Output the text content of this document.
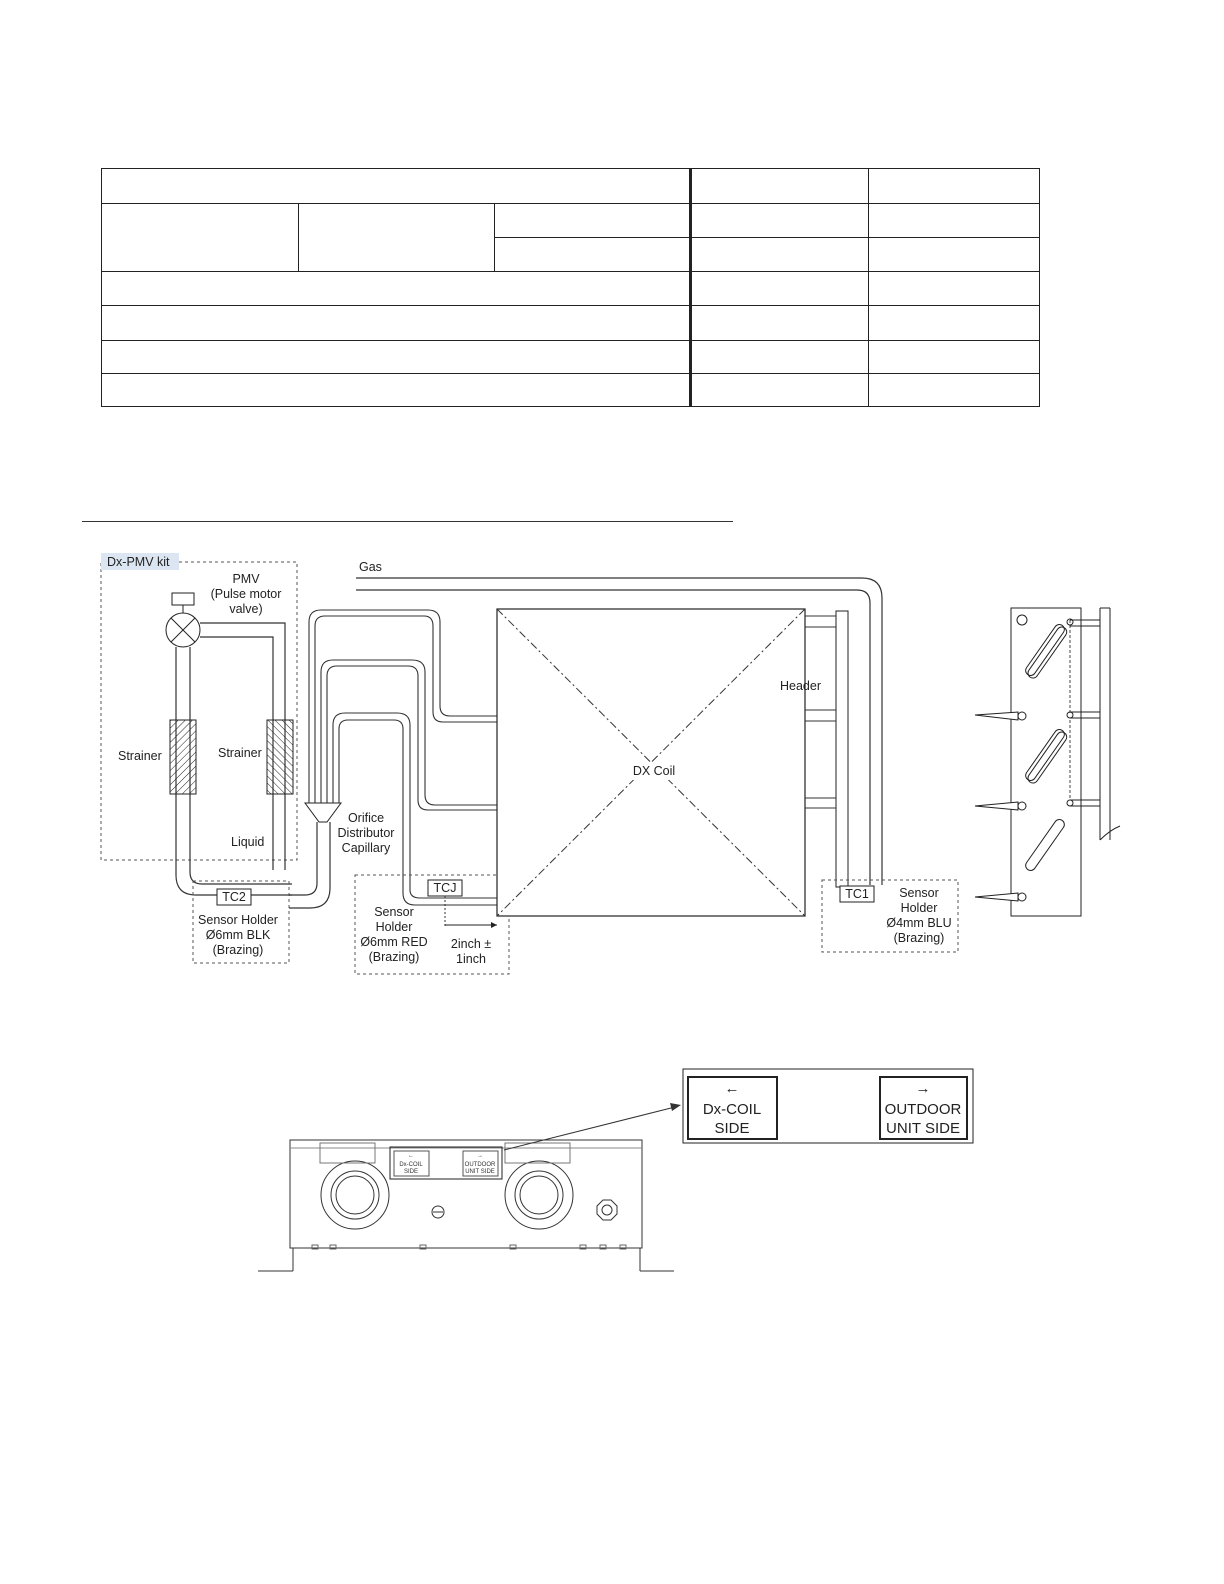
Dx-PMV kit	Gas
PMV
(Pulse motor
valve)
Strainer	Strainer
Liquid
TC2
Sensor Holder
Ø6mm BLK
(Brazing)
Orifice
Distributor
Capillary
TCJ
Sensor
Holder
Ø6mm RED
(Brazing)
2inch ±
1inch
DX Coil
Header
TC1 Sensor
Holder
Ø4mm BLU
(Brazing)
←
Dx-COIL
SIDE
→
OUTDOOR
UNIT SIDE
←
Dx-COIL
SIDE
→
OUTDOOR
UNIT SIDE
